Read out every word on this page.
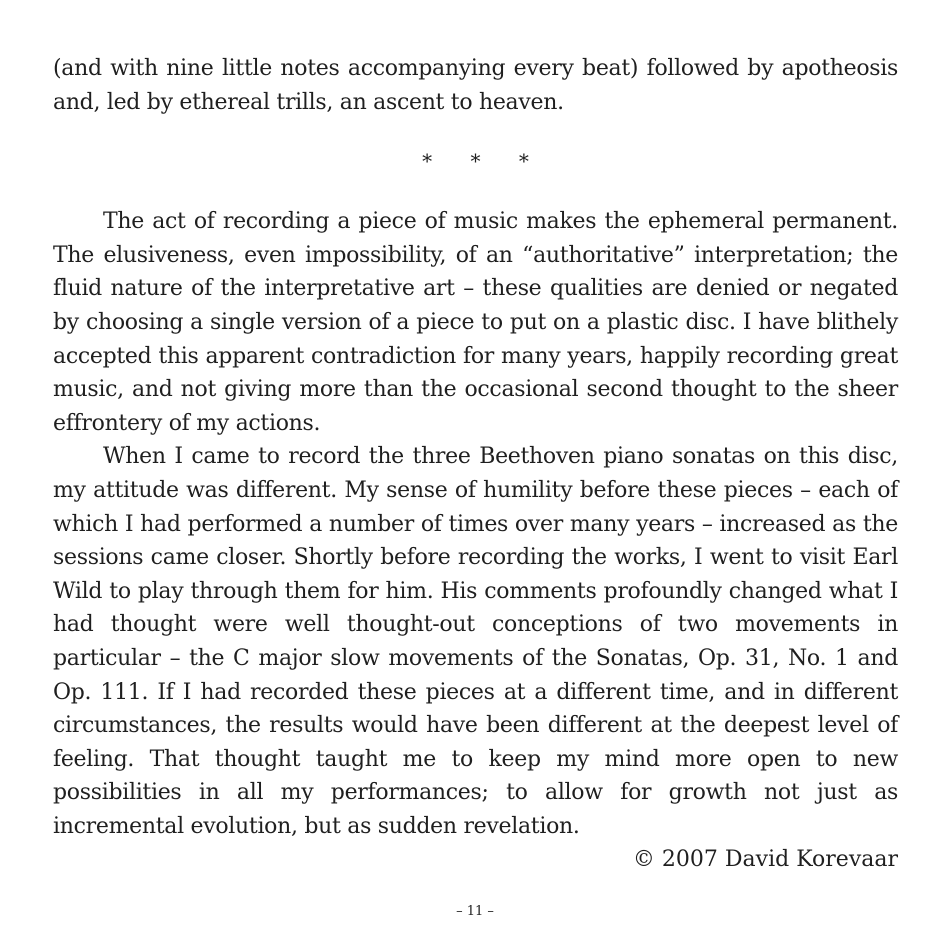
(and with nine little notes accompanying every beat) followed by apotheosis and, led by ethereal trills, an ascent to heaven.

* * *

The act of recording a piece of music makes the ephemeral permanent. The elusiveness, even impossibility, of an “authoritative” interpretation; the fluid nature of the interpretative art – these qualities are denied or negated by choosing a single version of a piece to put on a plastic disc. I have blithely accepted this apparent contradiction for many years, happily recording great music, and not giving more than the occasional second thought to the sheer effrontery of my actions.

When I came to record the three Beethoven piano sonatas on this disc, my attitude was different. My sense of humility before these pieces – each of which I had performed a number of times over many years – increased as the sessions came closer. Shortly before recording the works, I went to visit Earl Wild to play through them for him. His comments profoundly changed what I had thought were well thought-out conceptions of two movements in particular – the C major slow movements of the Sonatas, Op. 31, No. 1 and Op. 111. If I had recorded these pieces at a different time, and in different circumstances, the results would have been different at the deepest level of feeling. That thought taught me to keep my mind more open to new possibilities in all my performances; to allow for growth not just as incremental evolution, but as sudden revelation.

© 2007 David Korevaar

– 11 –
